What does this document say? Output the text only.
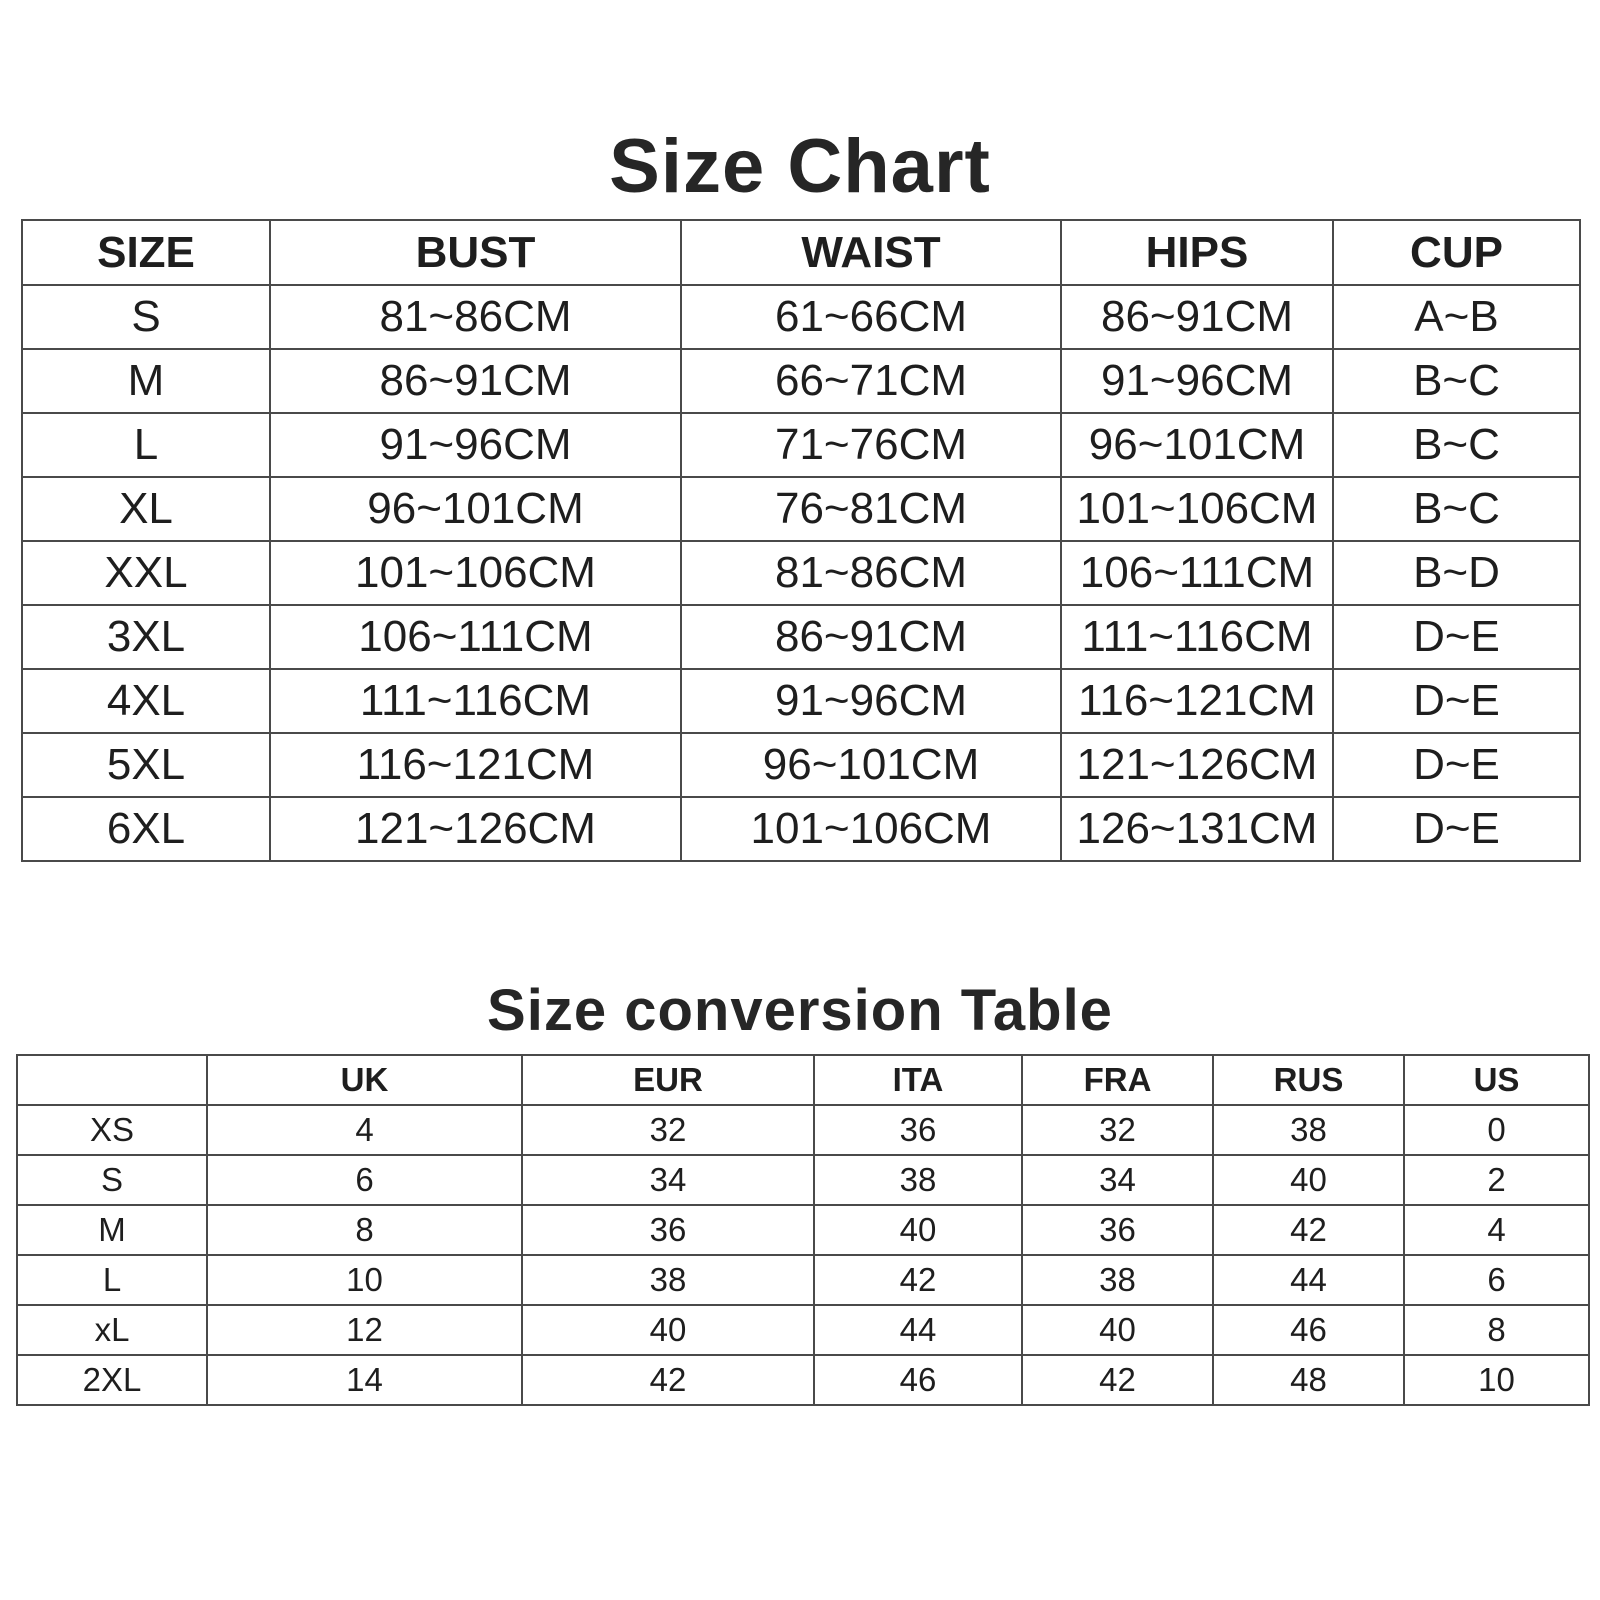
Size Chart
SIZE	BUST	WAIST	HIPS	CUP
S	81~86CM	61~66CM	86~91CM	A~B
M	86~91CM	66~71CM	91~96CM	B~C
L	91~96CM	71~76CM	96~101CM	B~C
XL	96~101CM	76~81CM	101~106CM	B~C
XXL	101~106CM	81~86CM	106~111CM	B~D
3XL	106~111CM	86~91CM	111~116CM	D~E
4XL	111~116CM	91~96CM	116~121CM	D~E
5XL	116~121CM	96~101CM	121~126CM	D~E
6XL	121~126CM	101~106CM	126~131CM	D~E
Size conversion Table
	UK	EUR	ITA	FRA	RUS	US
XS	4	32	36	32	38	0
S	6	34	38	34	40	2
M	8	36	40	36	42	4
L	10	38	42	38	44	6
xL	12	40	44	40	46	8
2XL	14	42	46	42	48	10
